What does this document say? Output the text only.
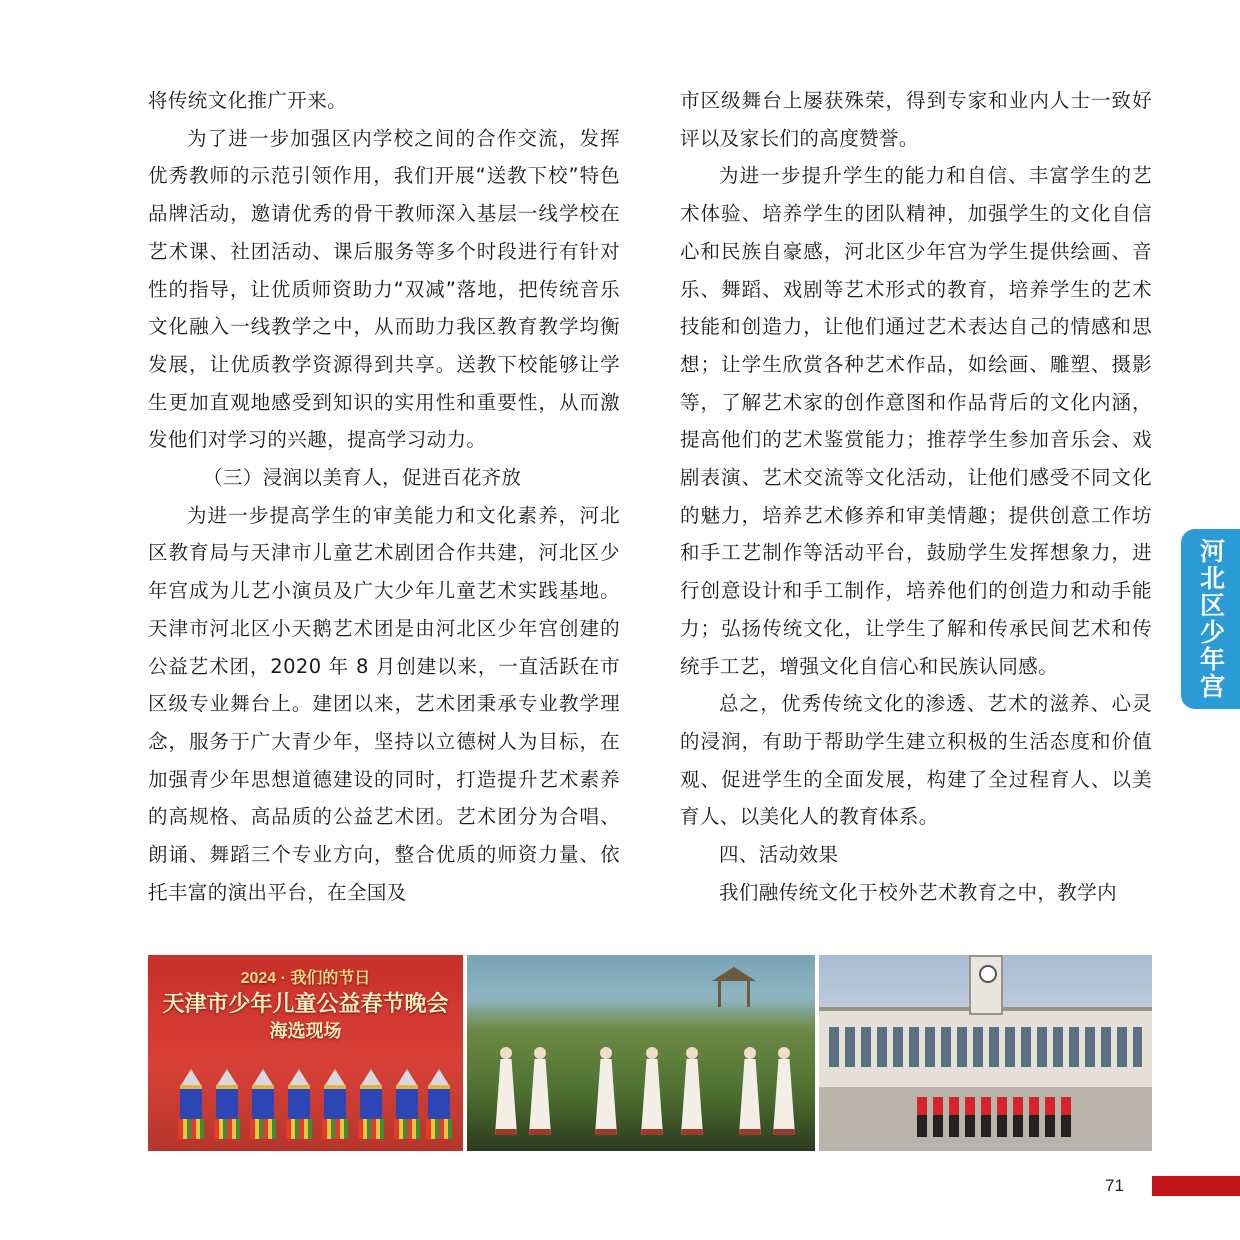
将传统文化推广开来。

为了进一步加强区内学校之间的合作交流，发挥优秀教师的示范引领作用，我们开展“送教下校”特色品牌活动，邀请优秀的骨干教师深入基层一线学校在艺术课、社团活动、课后服务等多个时段进行有针对性的指导，让优质师资助力“双减”落地，把传统音乐文化融入一线教学之中，从而助力我区教育教学均衡发展，让优质教学资源得到共享。送教下校能够让学生更加直观地感受到知识的实用性和重要性，从而激发他们对学习的兴趣，提高学习动力。

（三）浸润以美育人，促进百花齐放

为进一步提高学生的审美能力和文化素养，河北区教育局与天津市儿童艺术剧团合作共建，河北区少年宫成为儿艺小演员及广大少年儿童艺术实践基地。天津市河北区小天鹅艺术团是由河北区少年宫创建的公益艺术团，2020 年 8 月创建以来，一直活跃在市区级专业舞台上。建团以来，艺术团秉承专业教学理念，服务于广大青少年，坚持以立德树人为目标，在加强青少年思想道德建设的同时，打造提升艺术素养的高规格、高品质的公益艺术团。艺术团分为合唱、朗诵、舞蹈三个专业方向，整合优质的师资力量、依托丰富的演出平台，在全国及

市区级舞台上屡获殊荣，得到专家和业内人士一致好评以及家长们的高度赞誉。

为进一步提升学生的能力和自信、丰富学生的艺术体验、培养学生的团队精神，加强学生的文化自信心和民族自豪感，河北区少年宫为学生提供绘画、音乐、舞蹈、戏剧等艺术形式的教育，培养学生的艺术技能和创造力，让他们通过艺术表达自己的情感和思想；让学生欣赏各种艺术作品，如绘画、雕塑、摄影等，了解艺术家的创作意图和作品背后的文化内涵，提高他们的艺术鉴赏能力；推荐学生参加音乐会、戏剧表演、艺术交流等文化活动，让他们感受不同文化的魅力，培养艺术修养和审美情趣；提供创意工作坊和手工艺制作等活动平台，鼓励学生发挥想象力，进行创意设计和手工制作，培养他们的创造力和动手能力；弘扬传统文化，让学生了解和传承民间艺术和传统手工艺，增强文化自信心和民族认同感。

总之，优秀传统文化的渗透、艺术的滋养、心灵的浸润，有助于帮助学生建立积极的生活态度和价值观、促进学生的全面发展，构建了全过程育人、以美育人、以美化人的教育体系。

四、活动效果

我们融传统文化于校外艺术教育之中，教学内

2024 · 我们的节日
天津市少年儿童公益春节晚会
海选现场
河北区少年宫
71
